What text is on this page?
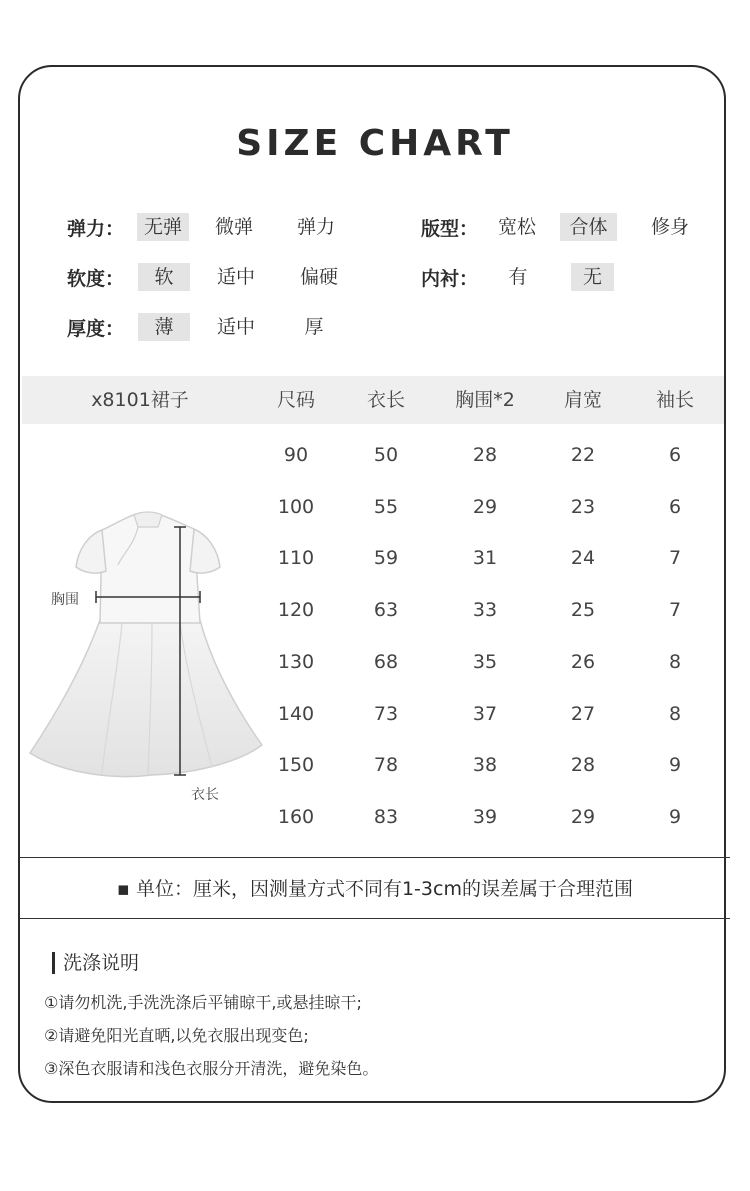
SIZE CHART
弹力：	无弹	微弹	弹力	版型：	宽松	合体	修身
软度：	软	适中	偏硬	内衬：	有	无
厚度：	薄	适中	厚
x8101裙子	尺码	衣长	胸围*2	肩宽	袖长
90	50	28	22	6
100	55	29	23	6
110	59	31	24	7
120	63	33	25	7
130	68	35	26	8
140	73	37	27	8
150	78	38	28	9
160	83	39	29	9
胸围
衣长
▪ 单位：厘米，因测量方式不同有1-3cm的误差属于合理范围
洗涤说明
①请勿机洗,手洗洗涤后平铺晾干,或悬挂晾干;
②请避免阳光直晒,以免衣服出现变色;
③深色衣服请和浅色衣服分开清洗，避免染色。
